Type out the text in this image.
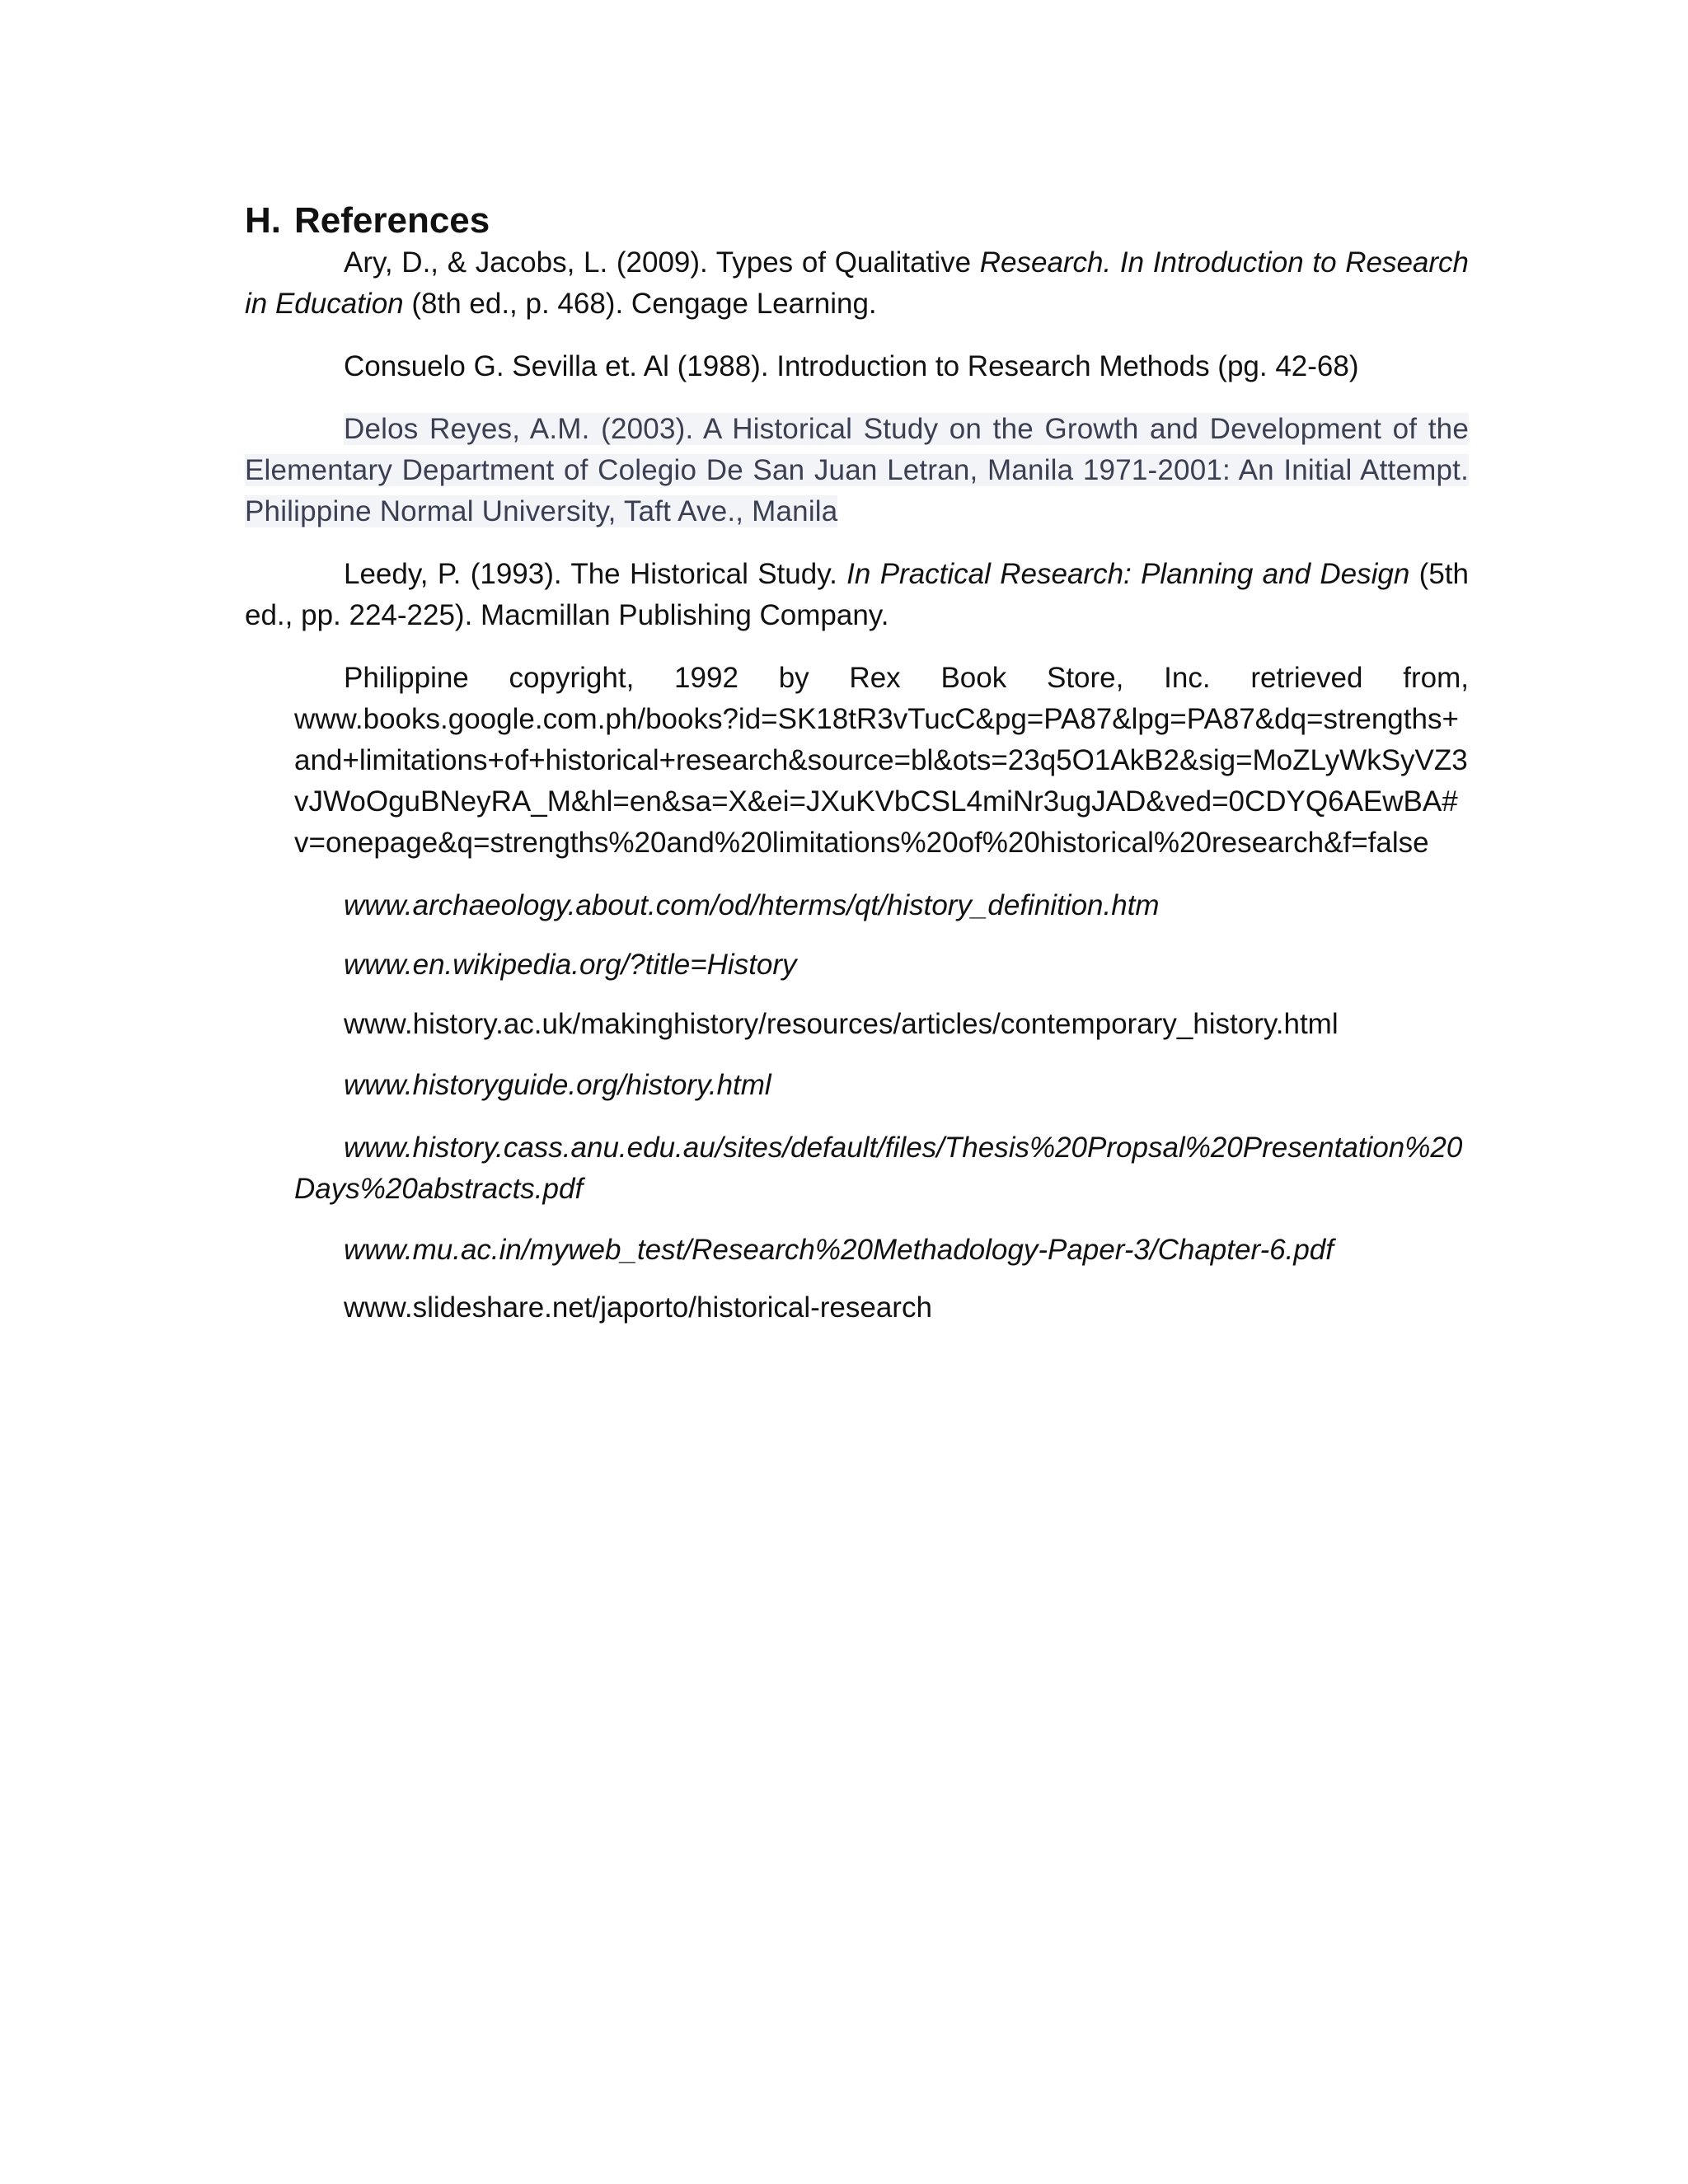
H. References

Ary, D., & Jacobs, L. (2009). Types of Qualitative Research. In Introduction to Research in Education (8th ed., p. 468). Cengage Learning.

Consuelo G. Sevilla et. Al (1988). Introduction to Research Methods (pg. 42-68)

Delos Reyes, A.M. (2003). A Historical Study on the Growth and Development of the Elementary Department of Colegio De San Juan Letran, Manila 1971-2001: An Initial Attempt. Philippine Normal University, Taft Ave., Manila

Leedy, P. (1993). The Historical Study. In Practical Research: Planning and Design (5th ed., pp. 224-225). Macmillan Publishing Company.

Philippine copyright, 1992 by Rex Book Store, Inc. retrieved from,
www.books.google.com.ph/books?id=SK18tR3vTucC&pg=PA87&lpg=PA87&dq=strengths+and+limitations+of+historical+research&source=bl&ots=23q5O1AkB2&sig=MoZLyWkSyVZ3vJWoOguBNeyRA_M&hl=en&sa=X&ei=JXuKVbCSL4miNr3ugJAD&ved=0CDYQ6AEwBA#v=onepage&q=strengths%20and%20limitations%20of%20historical%20research&f=false

www.archaeology.about.com/od/hterms/qt/history_definition.htm

www.en.wikipedia.org/?title=History

www.history.ac.uk/makinghistory/resources/articles/contemporary_history.html

www.historyguide.org/history.html

www.history.cass.anu.edu.au/sites/default/files/Thesis%20Propsal%20Presentation%20Days%20abstracts.pdf

www.mu.ac.in/myweb_test/Research%20Methadology-Paper-3/Chapter-6.pdf

www.slideshare.net/japorto/historical-research
